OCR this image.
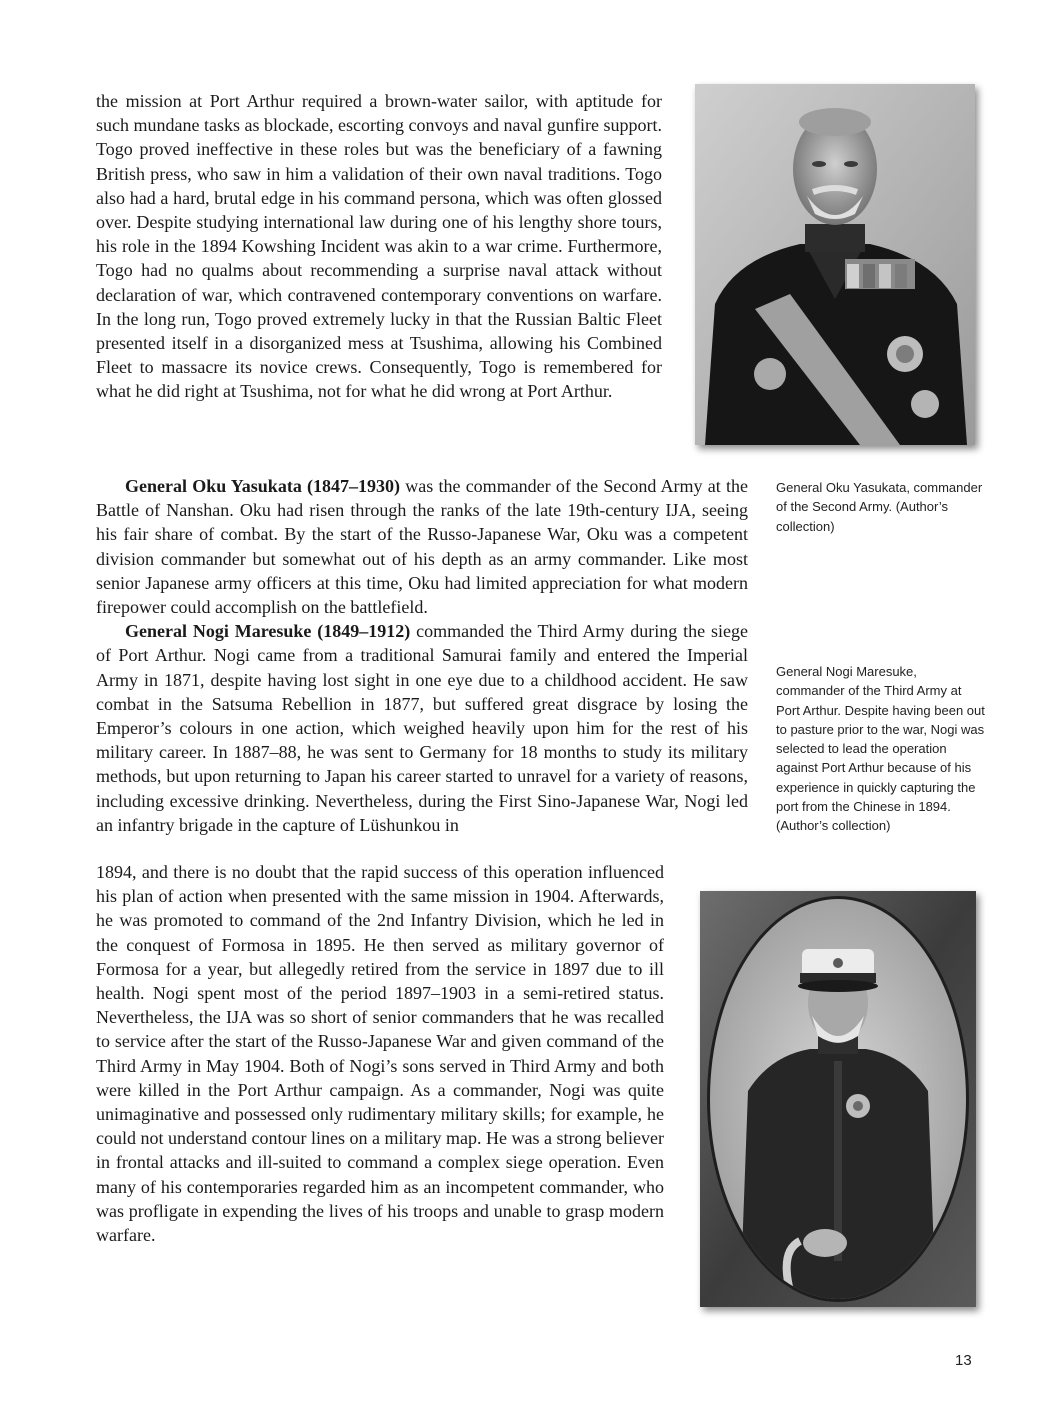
the mission at Port Arthur required a brown-water sailor, with aptitude for such mundane tasks as blockade, escorting convoys and naval gunfire support. Togo proved ineffective in these roles but was the beneficiary of a fawning British press, who saw in him a validation of their own naval traditions. Togo also had a hard, brutal edge in his command persona, which was often glossed over. Despite studying international law during one of his lengthy shore tours, his role in the 1894 Kowshing Incident was akin to a war crime. Furthermore, Togo had no qualms about recommending a surprise naval attack without declaration of war, which contravened contemporary conventions on warfare. In the long run, Togo proved extremely lucky in that the Russian Baltic Fleet presented itself in a disorganized mess at Tsushima, allowing his Combined Fleet to massacre its novice crews. Consequently, Togo is remembered for what he did right at Tsushima, not for what he did wrong at Port Arthur.

General Oku Yasukata (1847–1930) was the commander of the Second Army at the Battle of Nanshan. Oku had risen through the ranks of the late 19th-century IJA, seeing his fair share of combat. By the start of the Russo-Japanese War, Oku was a competent division commander but somewhat out of his depth as an army commander. Like most senior Japanese army officers at this time, Oku had limited appreciation for what modern firepower could accomplish on the battlefield.

General Nogi Maresuke (1849–1912) commanded the Third Army during the siege of Port Arthur. Nogi came from a traditional Samurai family and entered the Imperial Army in 1871, despite having lost sight in one eye due to a childhood accident. He saw combat in the Satsuma Rebellion in 1877, but suffered great disgrace by losing the Emperor’s colours in one action, which weighed heavily upon him for the rest of his military career. In 1887–88, he was sent to Germany for 18 months to study its military methods, but upon returning to Japan his career started to unravel for a variety of reasons, including excessive drinking. Nevertheless, during the First Sino-Japanese War, Nogi led an infantry brigade in the capture of Lüshunkou in

1894, and there is no doubt that the rapid success of this operation influenced his plan of action when presented with the same mission in 1904. Afterwards, he was promoted to command of the 2nd Infantry Division, which he led in the conquest of Formosa in 1895. He then served as military governor of Formosa for a year, but allegedly retired from the service in 1897 due to ill health. Nogi spent most of the period 1897–1903 in a semi-retired status. Nevertheless, the IJA was so short of senior commanders that he was recalled to service after the start of the Russo-Japanese War and given command of the Third Army in May 1904. Both of Nogi’s sons served in Third Army and both were killed in the Port Arthur campaign. As a commander, Nogi was quite unimaginative and possessed only rudimentary military skills; for example, he could not understand contour lines on a military map. He was a strong believer in frontal attacks and ill-suited to command a complex siege operation. Even many of his contemporaries regarded him as an incompetent commander, who was profligate in expending the lives of his troops and unable to grasp modern warfare.

General Oku Yasukata, commander of the Second Army. (Author’s collection)

General Nogi Maresuke, commander of the Third Army at Port Arthur. Despite having been out to pasture prior to the war, Nogi was selected to lead the operation against Port Arthur because of his experience in quickly capturing the port from the Chinese in 1894. (Author’s collection)

13
